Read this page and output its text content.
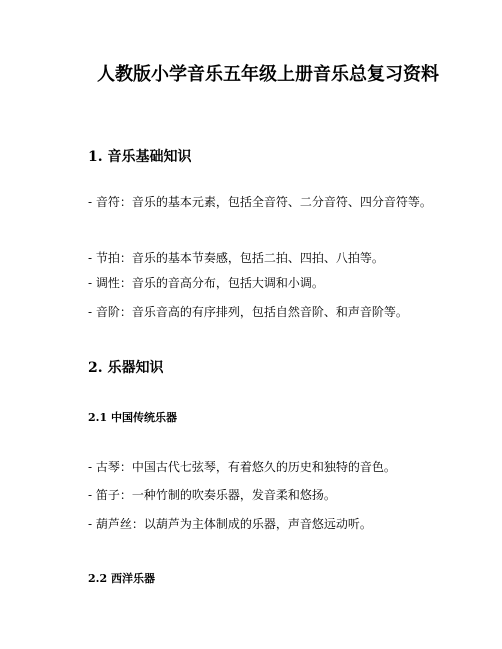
人教版小学音乐五年级上册音乐总复习资料
1. 音乐基础知识

- 音符：音乐的基本元素，包括全音符、二分音符、四分音符等。

- 节拍：音乐的基本节奏感，包括二拍、四拍、八拍等。

- 调性：音乐的音高分布，包括大调和小调。

- 音阶：音乐音高的有序排列，包括自然音阶、和声音阶等。

2. 乐器知识
2.1 中国传统乐器

- 古琴：中国古代七弦琴，有着悠久的历史和独特的音色。

- 笛子：一种竹制的吹奏乐器，发音柔和悠扬。

- 葫芦丝：以葫芦为主体制成的乐器，声音悠远动听。

2.2 西洋乐器
